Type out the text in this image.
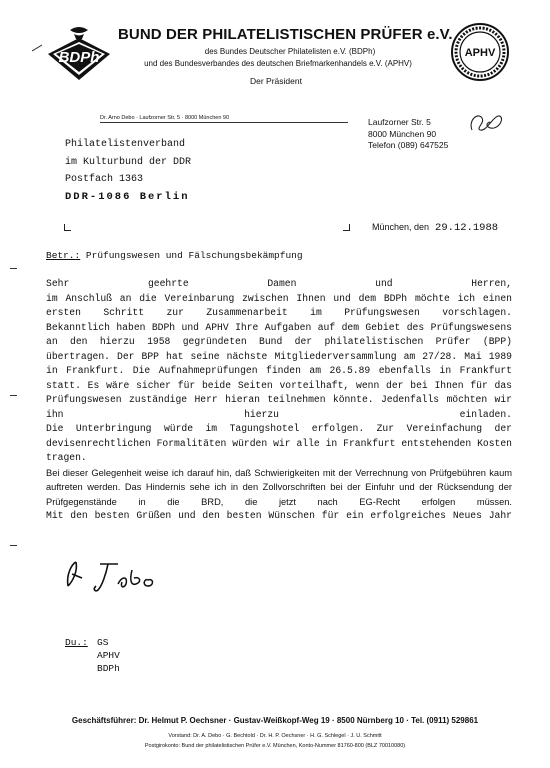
BDPh
BUND DER PHILATELISTISCHEN PRÜFER e.V.
des Bundes Deutscher Philatelisten e.V. (BDPh)
und des Bundesverbandes des deutschen Briefmarkenhandels e.V. (APHV)
Der Präsident
APHV
Dr. Arno Debo · Laufzorner Str. 5 · 8000 München 90	Laufzorner Str. 5
8000 München 90
Telefon (089) 647525
Philatelistenverband
im Kulturbund der DDR
Postfach 1363
DDR-1086 Berlin
München, den 29.12.1988
Betr.: Prüfungswesen und Fälschungsbekämpfung

Sehr geehrte Damen und Herren,

im Anschluß an die Vereinbarung zwischen Ihnen und dem BDPh möchte ich einen ersten Schritt zur Zusammenarbeit im Prüfungswesen vorschlagen.

Bekanntlich haben BDPh und APHV Ihre Aufgaben auf dem Gebiet des Prüfungswesens an den hierzu 1958 gegründeten Bund der philatelistischen Prüfer (BPP) übertragen. Der BPP hat seine nächste Mitgliederversammlung am 27/28. Mai 1989 in Frankfurt. Die Aufnahmeprüfungen finden am 26.5.89 ebenfalls in Frankfurt statt. Es wäre sicher für beide Seiten vorteilhaft, wenn der bei Ihnen für das Prüfungswesen zuständige Herr hieran teilnehmen könnte. Jedenfalls möchten wir ihn hierzu einladen.

Die Unterbringung würde im Tagungshotel erfolgen. Zur Vereinfachung der devisenrechtlichen Formalitäten würden wir alle in Frankfurt entstehenden Kosten tragen.

Bei dieser Gelegenheit weise ich darauf hin, daß Schwierigkeiten mit der Verrechnung von Prüfgebühren kaum auftreten werden. Das Hindernis sehe ich in den Zollvorschriften bei der Einfuhr und der Rücksendung der Prüfgegenstände in die BRD, die jetzt nach EG-Recht erfolgen müssen.

Mit den besten Grüßen und den besten Wünschen für ein erfolgreiches Neues Jahr

Du.: GS
APHV
BDPh
Geschäftsführer: Dr. Helmut P. Oechsner · Gustav-Weißkopf-Weg 19 · 8500 Nürnberg 10 · Tel. (0911) 529861
Vorstand: Dr. A. Debo · G. Bechtold · Dr. H. P. Oechsner · H. G. Schlegel · J. U. Schmitt
Postgirokonto: Bund der philatelistischen Prüfer e.V. München, Konto-Nummer 81760-800 (BLZ 70010080)
